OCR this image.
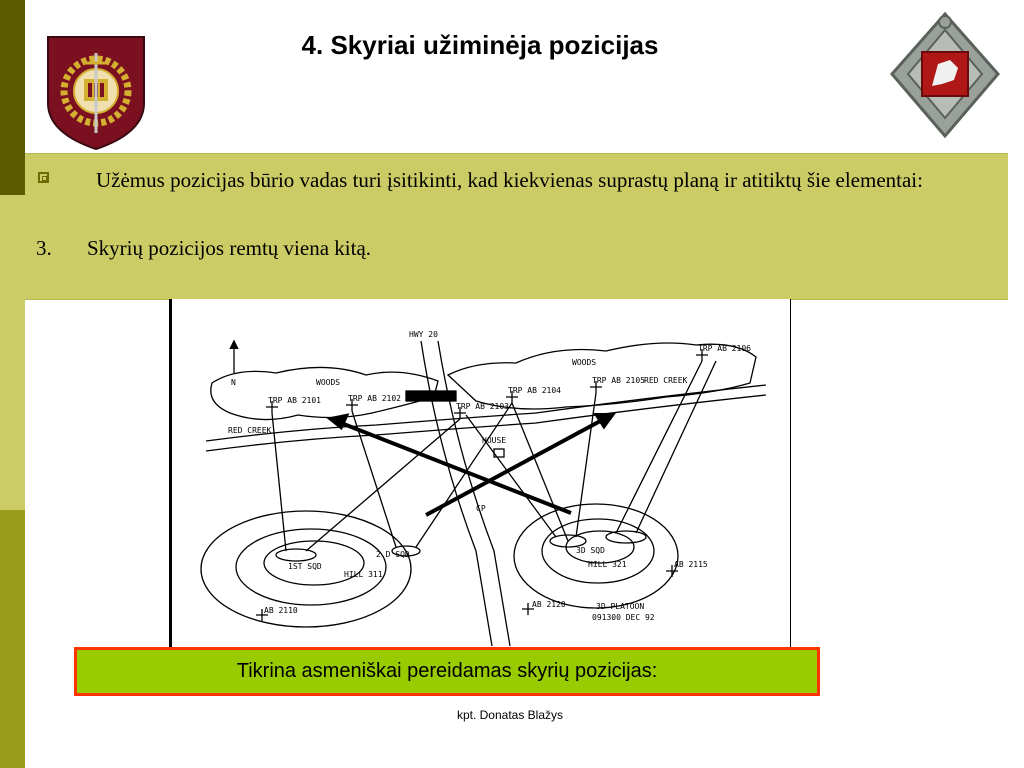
4. Skyriai užiminėja pozicijas
Užėmus pozicijas būrio vadas turi įsitikinti, kad kiekvienas suprastų planą ir atitiktų šie elementai:
3. Skyrių pozicijos remtų viena kitą.
N
HWY 20
WOODS
WOODS
TRP AB 2101	TRP AB 2102
TRP AB 2103
TRP AB 2104
TRP AB 2105
TRP AB 2106
RED CREEK
RED CREEK
HOUSE
CP
1ST SQD
2 D SQD	3D SQD
HILL 311
HILL 321
AB 2110
AB 2120
AB 2115
3D PLATOON
091300 DEC 92
Tikrina asmeniškai pereidamas skyrių pozicijas:
kpt. Donatas Blažys
